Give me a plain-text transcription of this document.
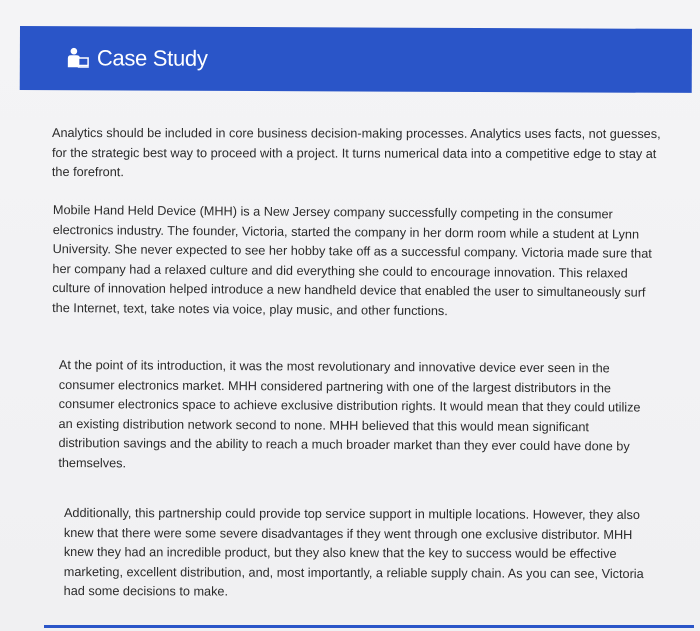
Case Study
Analytics should be included in core business decision-making processes. Analytics uses facts, not guesses, for the strategic best way to proceed with a project. It turns numerical data into a competitive edge to stay at the forefront.
Mobile Hand Held Device (MHH) is a New Jersey company successfully competing in the consumer electronics industry. The founder, Victoria, started the company in her dorm room while a student at Lynn University. She never expected to see her hobby take off as a successful company. Victoria made sure that her company had a relaxed culture and did everything she could to encourage innovation. This relaxed culture of innovation helped introduce a new handheld device that enabled the user to simultaneously surf the Internet, text, take notes via voice, play music, and other functions.
At the point of its introduction, it was the most revolutionary and innovative device ever seen in the consumer electronics market. MHH considered partnering with one of the largest distributors in the consumer electronics space to achieve exclusive distribution rights. It would mean that they could utilize an existing distribution network second to none. MHH believed that this would mean significant distribution savings and the ability to reach a much broader market than they ever could have done by themselves.
Additionally, this partnership could provide top service support in multiple locations. However, they also knew that there were some severe disadvantages if they went through one exclusive distributor. MHH knew they had an incredible product, but they also knew that the key to success would be effective marketing, excellent distribution, and, most importantly, a reliable supply chain. As you can see, Victoria had some decisions to make.
